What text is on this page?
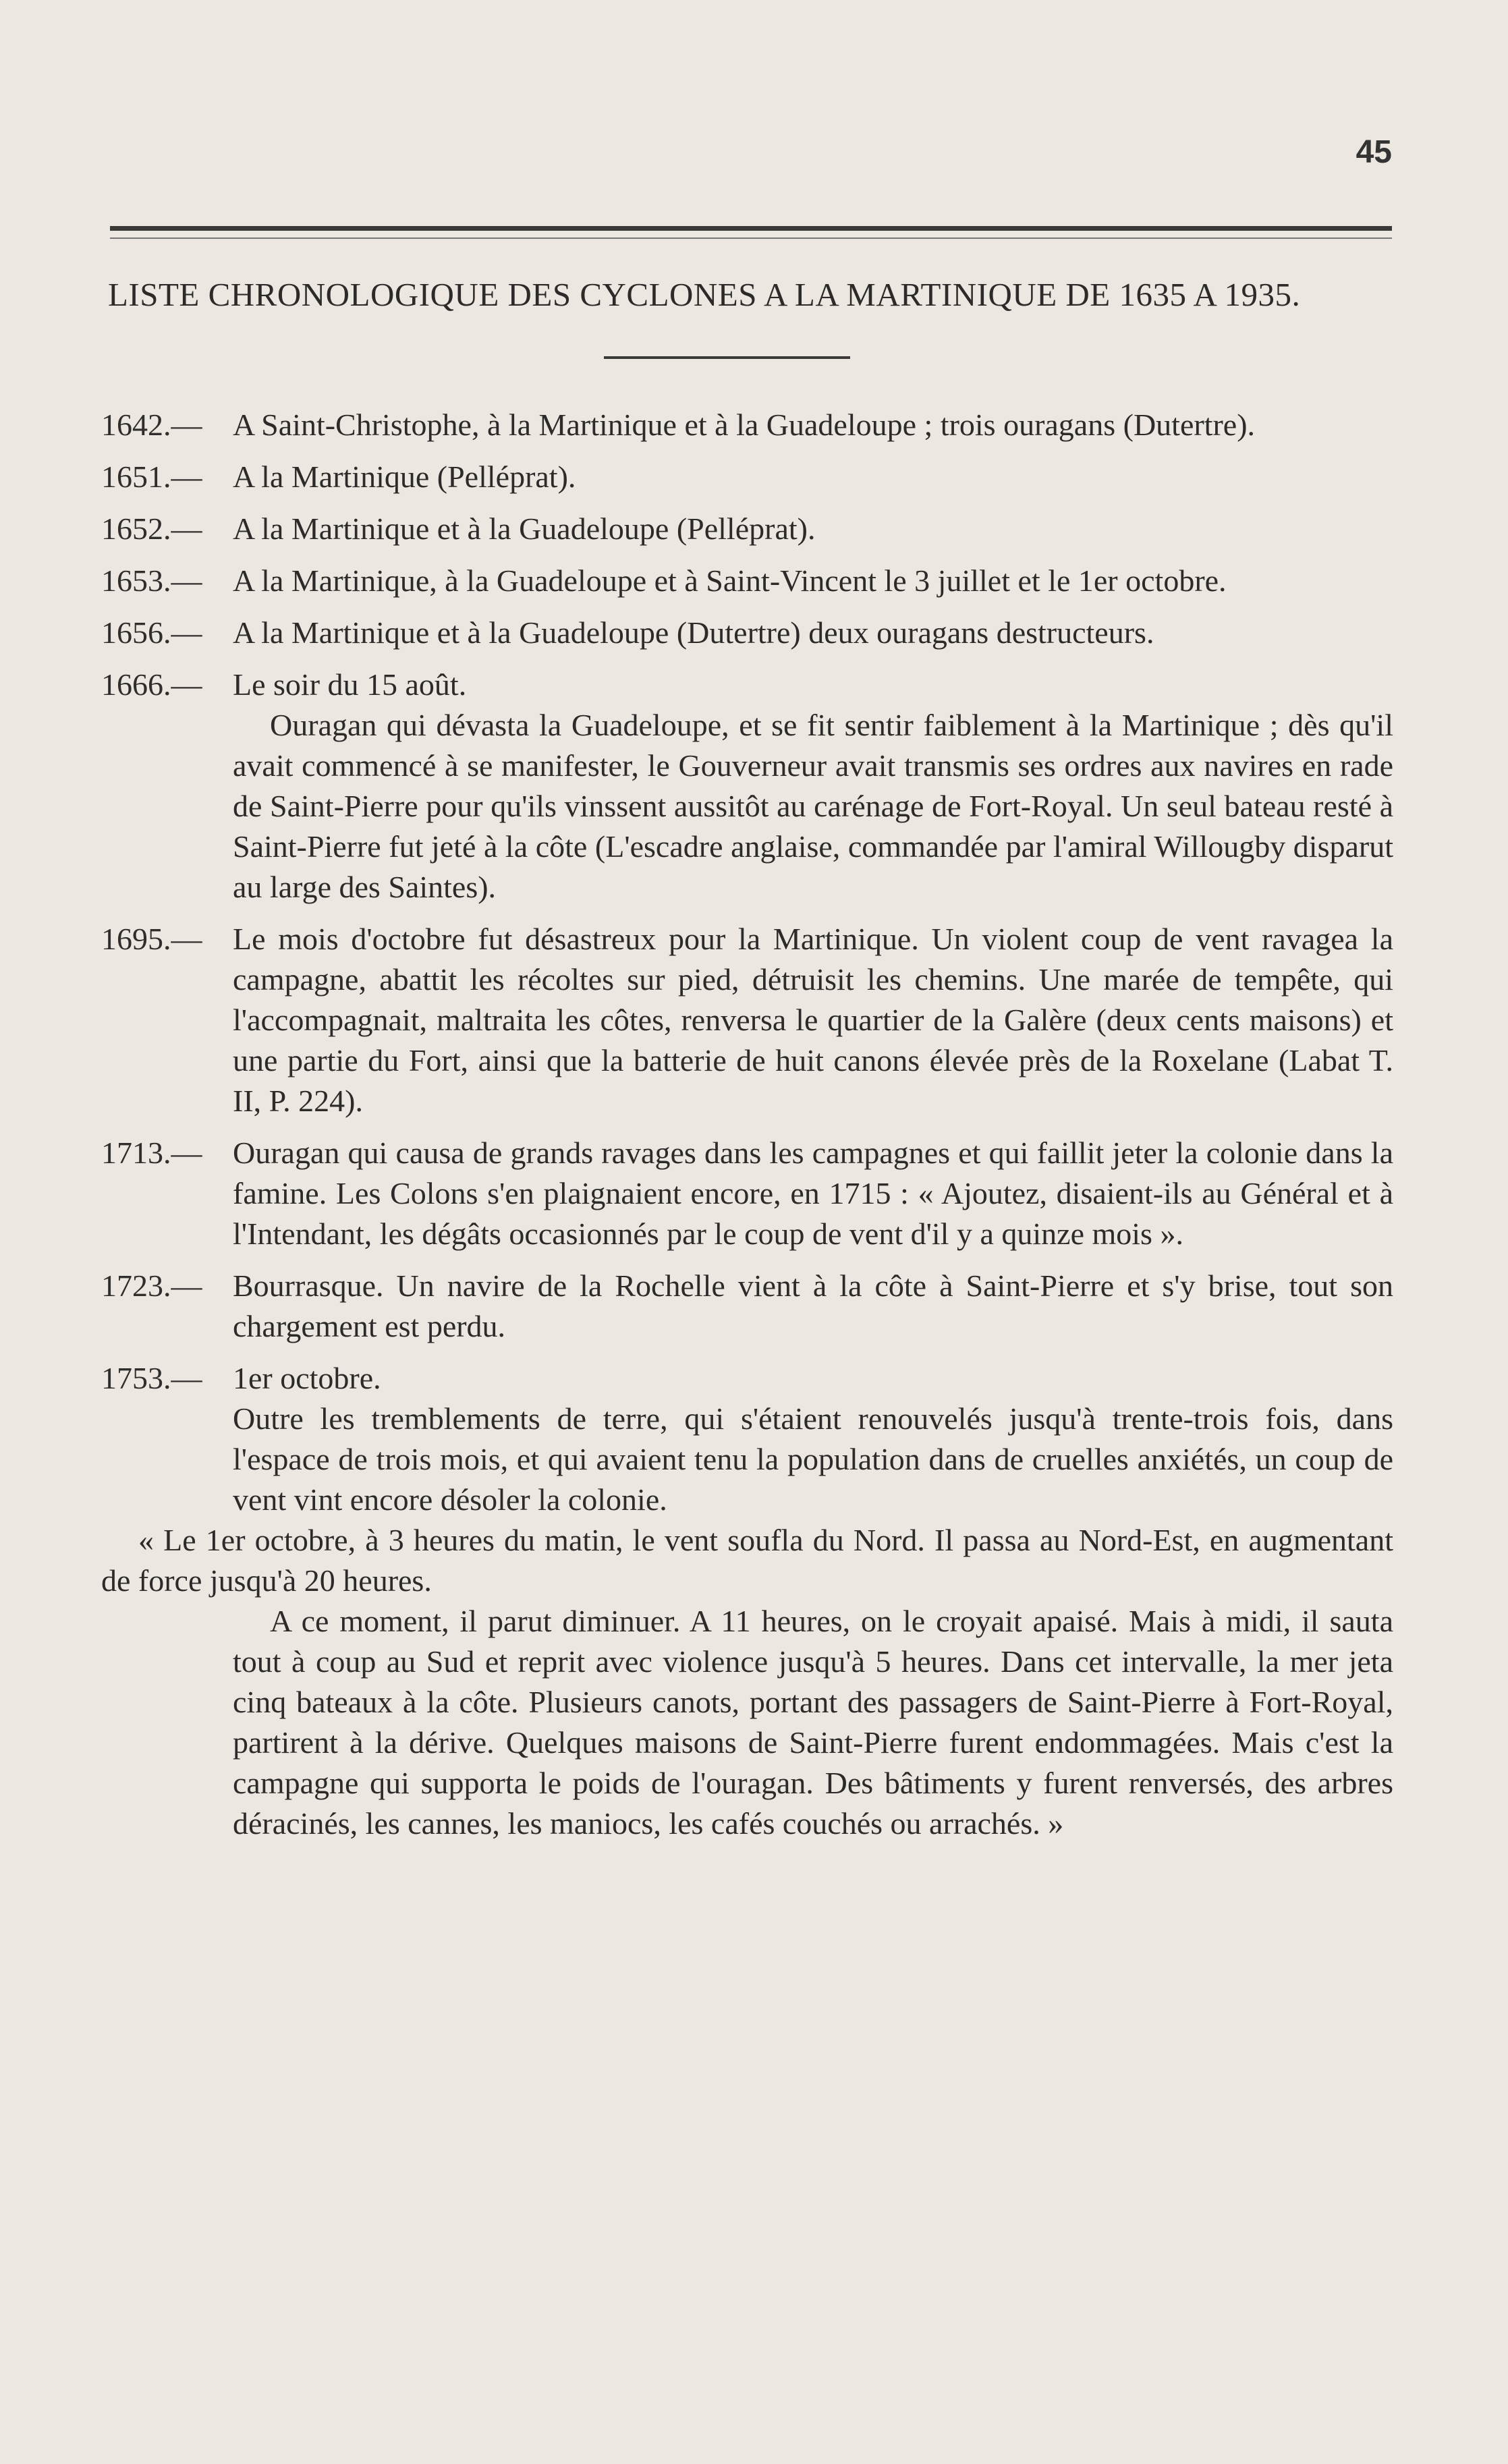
45
LISTE CHRONOLOGIQUE DES CYCLONES A LA MARTINIQUE DE 1635 A 1935.
1642.— A Saint-Christophe, à la Martinique et à la Guadeloupe ; trois ouragans (Dutertre).

1651.— A la Martinique (Pelléprat).

1652.— A la Martinique et à la Guadeloupe (Pelléprat).

1653.— A la Martinique, à la Guadeloupe et à Saint-Vincent le 3 juillet et le 1er octobre.

1656.— A la Martinique et à la Guadeloupe (Dutertre) deux ouragans destructeurs.

1666.— Le soir du 15 août.

Ouragan qui dévasta la Guadeloupe, et se fit sentir faiblement à la Martinique ; dès qu'il avait commencé à se manifester, le Gouverneur avait transmis ses ordres aux navires en rade de Saint-Pierre pour qu'ils vinssent aussitôt au carénage de Fort-Royal. Un seul bateau resté à Saint-Pierre fut jeté à la côte (L'escadre anglaise, commandée par l'amiral Willougby disparut au large des Saintes).

1695.— Le mois d'octobre fut désastreux pour la Martinique. Un violent coup de vent ravagea la campagne, abattit les récoltes sur pied, détruisit les chemins. Une marée de tempête, qui l'accompagnait, maltraita les côtes, renversa le quartier de la Galère (deux cents maisons) et une partie du Fort, ainsi que la batterie de huit canons élevée près de la Roxelane (Labat T. II, P. 224).

1713.— Ouragan qui causa de grands ravages dans les campagnes et qui faillit jeter la colonie dans la famine. Les Colons s'en plaignaient encore, en 1715 : « Ajoutez, disaient-ils au Général et à l'Intendant, les dégâts occasionnés par le coup de vent d'il y a quinze mois ».

1723.— Bourrasque. Un navire de la Rochelle vient à la côte à Saint-Pierre et s'y brise, tout son chargement est perdu.

1753.— 1er octobre.

Outre les tremblements de terre, qui s'étaient renouvelés jusqu'à trente-trois fois, dans l'espace de trois mois, et qui avaient tenu la population dans de cruelles anxiétés, un coup de vent vint encore désoler la colonie.

« Le 1er octobre, à 3 heures du matin, le vent soufla du Nord. Il passa au Nord-Est, en augmentant de force jusqu'à 20 heures.

A ce moment, il parut diminuer. A 11 heures, on le croyait apaisé. Mais à midi, il sauta tout à coup au Sud et reprit avec violence jusqu'à 5 heures. Dans cet intervalle, la mer jeta cinq bateaux à la côte. Plusieurs canots, portant des passagers de Saint-Pierre à Fort-Royal, partirent à la dérive. Quelques maisons de Saint-Pierre furent endommagées. Mais c'est la campagne qui supporta le poids de l'ouragan. Des bâtiments y furent renversés, des arbres déracinés, les cannes, les maniocs, les cafés couchés ou arrachés. »
